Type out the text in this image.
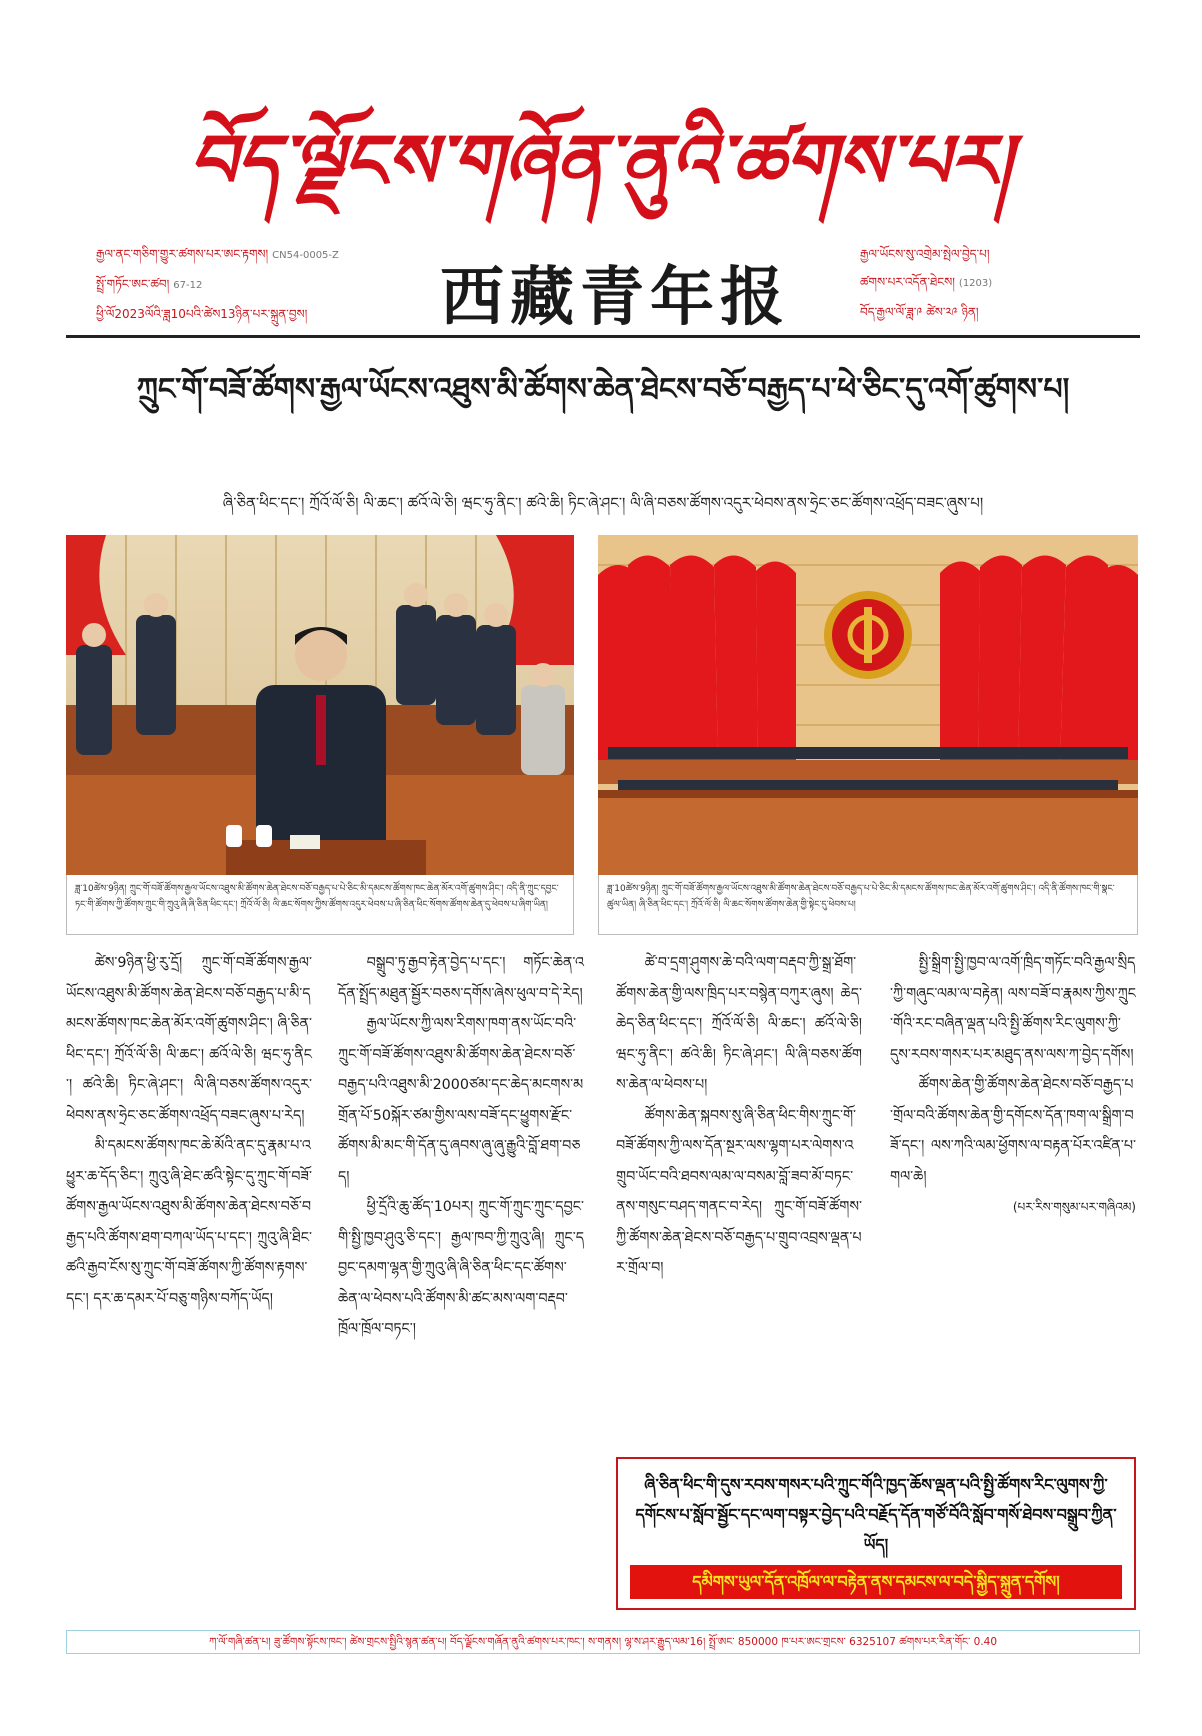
བོད་ལྗོངས་གཞོན་ནུའི་ཚགས་པར།
རྒྱལ་ནང་གཅིག་གྱུར་ཚགས་པར་ཨང་རྟགས། CN54-0005-Z
སྤྲོ་གཏོང་ཨང་ཚབ། 67-12
ཕྱི་ལོ2023ལོའི་ཟླ10པའི་ཚེས13ཉིན་པར་སྐྲུན་བྱས།	西藏青年报
རྒྱལ་ཡོངས་སུ་འགྲེམ་སྤེལ་བྱེད་པ།
ཚགས་པར་འདོན་ཐེངས། (1203)
བོད་རྒྱལ་ལོ་ཟླ་༩ ཚེས་༢༩ ཉིན།
ཀྲུང་གོ་བཟོ་ཚོགས་རྒྱལ་ཡོངས་འཐུས་མི་ཚོགས་ཆེན་ཐེངས་བཅོ་བརྒྱད་པ་ཕེ་ཅིང་དུ་འགོ་ཚུགས་པ།
ཞི་ཅིན་ཕིང་དང་། ཀྲོའོ་ལོ་ཅི། ལི་ཆང་། ཚའོ་ལེ་ཅི། ཝང་ཧུ་ནིང་། ཚའེ་ཆི། ཏིང་ཞེ་ཤང་། ལི་ཞི་བཅས་ཚོགས་འདུར་ཕེབས་ནས་ཧྲེང་ཅང་ཚོགས་འཕྲོད་བཟང་ཞུས་པ།
ཟླ་10ཚེས་9ཉིན། ཀྲུང་གོ་བཟོ་ཚོགས་རྒྱལ་ཡོངས་འཐུས་མི་ཚོགས་ཆེན་ཐེངས་བཅོ་བརྒྱད་པ་པེ་ཅིང་མི་དམངས་ཚོགས་ཁང་ཆེན་མོར་འགོ་ཚུགས་ཤིང་། འདི་ནི་ཀྲུང་དབྱང་ཏང་གི་ཚོགས་ཀྱི་ཚོགས་ཀྲུང་གི་ཀྲུའུ་ཞི་ཞི་ཅིན་ཕིང་དང་། ཀྲོའོ་ལོ་ཅི། ལི་ཆང་སོགས་ཀྱིས་ཚོགས་འདུར་ཕེབས་པ་ཞི་ཅིན་ཕིང་སོགས་ཚོགས་ཆེན་དུ་ཕེབས་པ་ཞིག་ཡིན།
ཟླ་10ཚེས་9ཉིན། ཀྲུང་གོ་བཟོ་ཚོགས་རྒྱལ་ཡོངས་འཐུས་མི་ཚོགས་ཆེན་ཐེངས་བཅོ་བརྒྱད་པ་པེ་ཅིང་མི་དམངས་ཚོགས་ཁང་ཆེན་མོར་འགོ་ཚུགས་ཤིང་། འདི་ནི་ཚོགས་ཁང་གི་སྣང་ཚུལ་ཡིན། ཞི་ཅིན་ཕིང་དང་། ཀྲོའོ་ལོ་ཅི། ལི་ཆང་སོགས་ཚོགས་ཆེན་གྱི་སྟེང་དུ་ཕེབས་པ།

ཚེས་9ཉིན་ཕྱི་རུ་དྲོ། ཀྲུང་གོ་བཟོ་ཚོགས་རྒྱལ་ཡོངས་འཐུས་མི་ཚོགས་ཆེན་ཐེངས་བཅོ་བརྒྱད་པ་མི་དམངས་ཚོགས་ཁང་ཆེན་མོར་འགོ་ཚུགས་ཤིང་། ཞི་ཅིན་ཕིང་དང་། ཀྲོའོ་ལོ་ཅི། ལི་ཆང་། ཚའོ་ལེ་ཅི། ཝང་ཧུ་ནིང་། ཚའེ་ཆི། ཏིང་ཞེ་ཤང་། ལི་ཞི་བཅས་ཚོགས་འདུར་ཕེབས་ནས་ཧྲེང་ཅང་ཚོགས་འཕྲོད་བཟང་ཞུས་པ་རེད།

མི་དམངས་ཚོགས་ཁང་ཆེ་མོའི་ནང་དུ་རྣམ་པ་འཕྱུར་ཆ་དོད་ཅིང་། ཀྲུའུ་ཞི་ཐེང་ཚའི་སྟེང་དུ་ཀྲུང་གོ་བཟོ་ཚོགས་རྒྱལ་ཡོངས་འཐུས་མི་ཚོགས་ཆེན་ཐེངས་བཅོ་བརྒྱད་པའི་ཚོགས་ཐག་བཀལ་ཡོད་པ་དང་། ཀྲུའུ་ཞི་ཐིང་ཚའི་རྒྱབ་ངོས་སུ་ཀྲུང་གོ་བཟོ་ཚོགས་ཀྱི་ཚོགས་རྟགས་དང་། དར་ཆ་དམར་པོ་བཅུ་གཉིས་བཀོད་ཡོད།

བསྒྲུབ་ཏུ་རྒྱབ་རྟེན་བྱེད་པ་དང་། གཏོང་ཆེན་འདོན་སྤྲོད་མཐུན་སྦྱོར་བཅས་དགོས་ཞེས་ཕུལ་བ་དེ་རེད།

རྒྱལ་ཡོངས་ཀྱི་ལས་རིགས་ཁག་ནས་ཡོང་བའི་ཀྲུང་གོ་བཟོ་ཚོགས་འཐུས་མི་ཚོགས་ཆེན་ཐེངས་བཅོ་བརྒྱད་པའི་འཐུས་མི་2000ཙམ་དང་ཆེད་མངགས་མགྲོན་པོ་50སྐོར་ཙམ་གྱིས་ལས་བཟོ་དང་ཕྱུགས་རྫོང་ཚོགས་མི་མང་གི་དོན་དུ་ཞབས་ཞུ་ཞུ་རྒྱུའི་བློ་ཐག་བཅད།

ཕྱི་དྲོའི་ཆུ་ཚོད་10པར། ཀྲུང་གོ་ཀྲུང་ཀྲུང་དབྱང་གི་སྤྱི་ཁྱབ་ཤུའུ་ཅི་དང་། རྒྱལ་ཁབ་ཀྱི་ཀྲུའུ་ཞི། ཀྲུང་དབྱང་དམག་ལྷན་གྱི་ཀྲུའུ་ཞི་ཞི་ཅིན་ཕིང་དང་ཚོགས་ཆེན་ལ་ཕེབས་པའི་ཚོགས་མི་ཚང་མས་ལག་བརྡབ་ཁྲོལ་ཁྲོལ་བཏང་།

ཚེ་བ་དྲག་ཤུགས་ཆེ་བའི་ལག་བརྡབ་ཀྱི་སྒྲ་ཐོག་ཚོགས་ཆེན་གྱི་ལས་ཁྲིད་པར་བསྙེན་བཀུར་ཞུས། ཆེད་ཆེད་ཅིན་ཕིང་དང་། ཀྲོའོ་ལོ་ཅི། ལི་ཆང་། ཚའོ་ལེ་ཅི། ཝང་ཧུ་ནིང་། ཚའེ་ཆི། ཏིང་ཞེ་ཤང་། ལི་ཞི་བཅས་ཚོགས་ཆེན་ལ་ཕེབས་པ།

ཚོགས་ཆེན་སྐབས་སུ་ཞི་ཅིན་ཕིང་གིས་ཀྲུང་གོ་བཟོ་ཚོགས་ཀྱི་ལས་དོན་སྔར་ལས་ལྷག་པར་ལེགས་འགྲུབ་ཡོང་བའི་ཐབས་ལམ་ལ་བསམ་བློ་ཟབ་མོ་བཏང་ནས་གསུང་བཤད་གནང་བ་རེད། ཀྲུང་གོ་བཟོ་ཚོགས་ཀྱི་ཚོགས་ཆེན་ཐེངས་བཅོ་བརྒྱད་པ་གྲུབ་འབྲས་ལྡན་པར་གྲོལ་བ།

སྤྱི་སྒྲིག་སྤྱི་ཁྱབ་ལ་འགོ་ཁྲིད་གཏོང་བའི་རྒྱལ་སྲིད་ཀྱི་གཞུང་ལམ་ལ་བརྟེན། ལས་བཟོ་བ་རྣམས་ཀྱིས་ཀྲུང་གོའི་རང་བཞིན་ལྡན་པའི་སྤྱི་ཚོགས་རིང་ལུགས་ཀྱི་དུས་རབས་གསར་པར་མཐུད་ནས་ལས་ཀ་བྱེད་དགོས།

ཚོགས་ཆེན་གྱི་ཚོགས་ཆེན་ཐེངས་བཅོ་བརྒྱད་པ་གྲོལ་བའི་ཚོགས་ཆེན་གྱི་དགོངས་དོན་ཁག་ལ་སྒྲིག་བཟོ་དང་། ལས་ཀའི་ལམ་ཕྱོགས་ལ་བརྟན་པོར་འཛིན་པ་གལ་ཆེ།

(པར་རིས་གསུམ་པར་གཞིའམ)
ཞི་ཅིན་ཕིང་གི་དུས་རབས་གསར་པའི་ཀྲུང་གོའི་ཁྱད་ཆོས་ལྡན་པའི་སྤྱི་ཚོགས་རིང་ལུགས་ཀྱི་དགོངས་པ་སློབ་སྦྱོང་དང་ལག་བསྟར་བྱེད་པའི་བརྗོད་དོན་གཙོ་བོའི་སློབ་གསོ་ཐེབས་བསྒྲུབ་ཀྱིན་ཡོད།
དམིགས་ཡུལ་དོན་འཁྲོལ་ལ་བརྟེན་ནས་དམངས་ལ་བདེ་སྐྱིད་སྐྲུན་དགོས།
ཀ་ལོ་གཞི་ཚན་པ། ཟུ་ཚོགས་སྟོངས་ཁང་། ཚེས་གྲངས་སྤྱིའི་སྙན་ཚན་པ། བོད་ལྗོངས་གཞོན་ནུའི་ཚགས་པར་ཁང་། ས་གནས། ལྷ་ས་ཤར་རྒྱུད་ལམ་16། སྤྲོ་ཨང་ 850000 ཁ་པར་ཨང་གྲངས་ 6325107 ཚགས་པར་རིན་གོང་ 0.40
